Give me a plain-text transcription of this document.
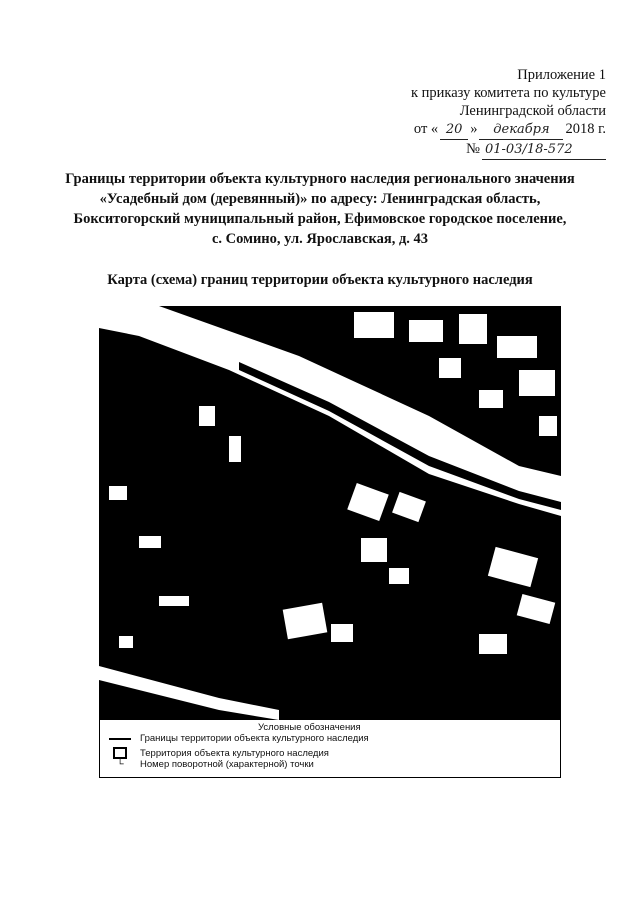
Приложение 1
к приказу комитета по культуре
Ленинградской области
от « 20 »	декабря	2018 г.
№ 01-03/18-572
Границы территории объекта культурного наследия регионального значения
«Усадебный дом (деревянный)» по адресу: Ленинградская область,
Бокситогорский муниципальный район, Ефимовское городское поселение,
с. Сомино, ул. Ярославская, д. 43
Карта (схема) границ территории объекта культурного наследия
Условные обозначения
Границы территории объекта культурного наследия
Территория объекта культурного наследия
└ Номер поворотной (характерной) точки
